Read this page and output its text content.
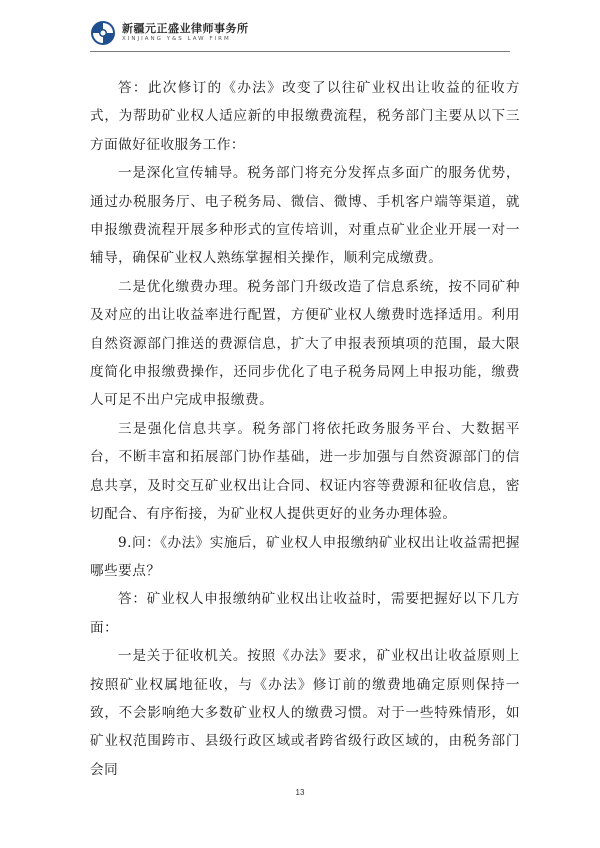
新疆元正盛业律师事务所
XINJIANG Y&S LAW FIRM

答：此次修订的《办法》改变了以往矿业权出让收益的征收方式，为帮助矿业权人适应新的申报缴费流程，税务部门主要从以下三方面做好征收服务工作：

一是深化宣传辅导。税务部门将充分发挥点多面广的服务优势，通过办税服务厅、电子税务局、微信、微博、手机客户端等渠道，就申报缴费流程开展多种形式的宣传培训，对重点矿业企业开展一对一辅导，确保矿业权人熟练掌握相关操作，顺利完成缴费。

二是优化缴费办理。税务部门升级改造了信息系统，按不同矿种及对应的出让收益率进行配置，方便矿业权人缴费时选择适用。利用自然资源部门推送的费源信息，扩大了申报表预填项的范围，最大限度简化申报缴费操作，还同步优化了电子税务局网上申报功能，缴费人可足不出户完成申报缴费。

三是强化信息共享。税务部门将依托政务服务平台、大数据平台，不断丰富和拓展部门协作基础，进一步加强与自然资源部门的信息共享，及时交互矿业权出让合同、权证内容等费源和征收信息，密切配合、有序衔接，为矿业权人提供更好的业务办理体验。

9.问：《办法》实施后，矿业权人申报缴纳矿业权出让收益需把握哪些要点？

答：矿业权人申报缴纳矿业权出让收益时，需要把握好以下几方面：

一是关于征收机关。按照《办法》要求，矿业权出让收益原则上按照矿业权属地征收，与《办法》修订前的缴费地确定原则保持一致，不会影响绝大多数矿业权人的缴费习惯。对于一些特殊情形，如矿业权范围跨市、县级行政区域或者跨省级行政区域的，由税务部门会同

13
